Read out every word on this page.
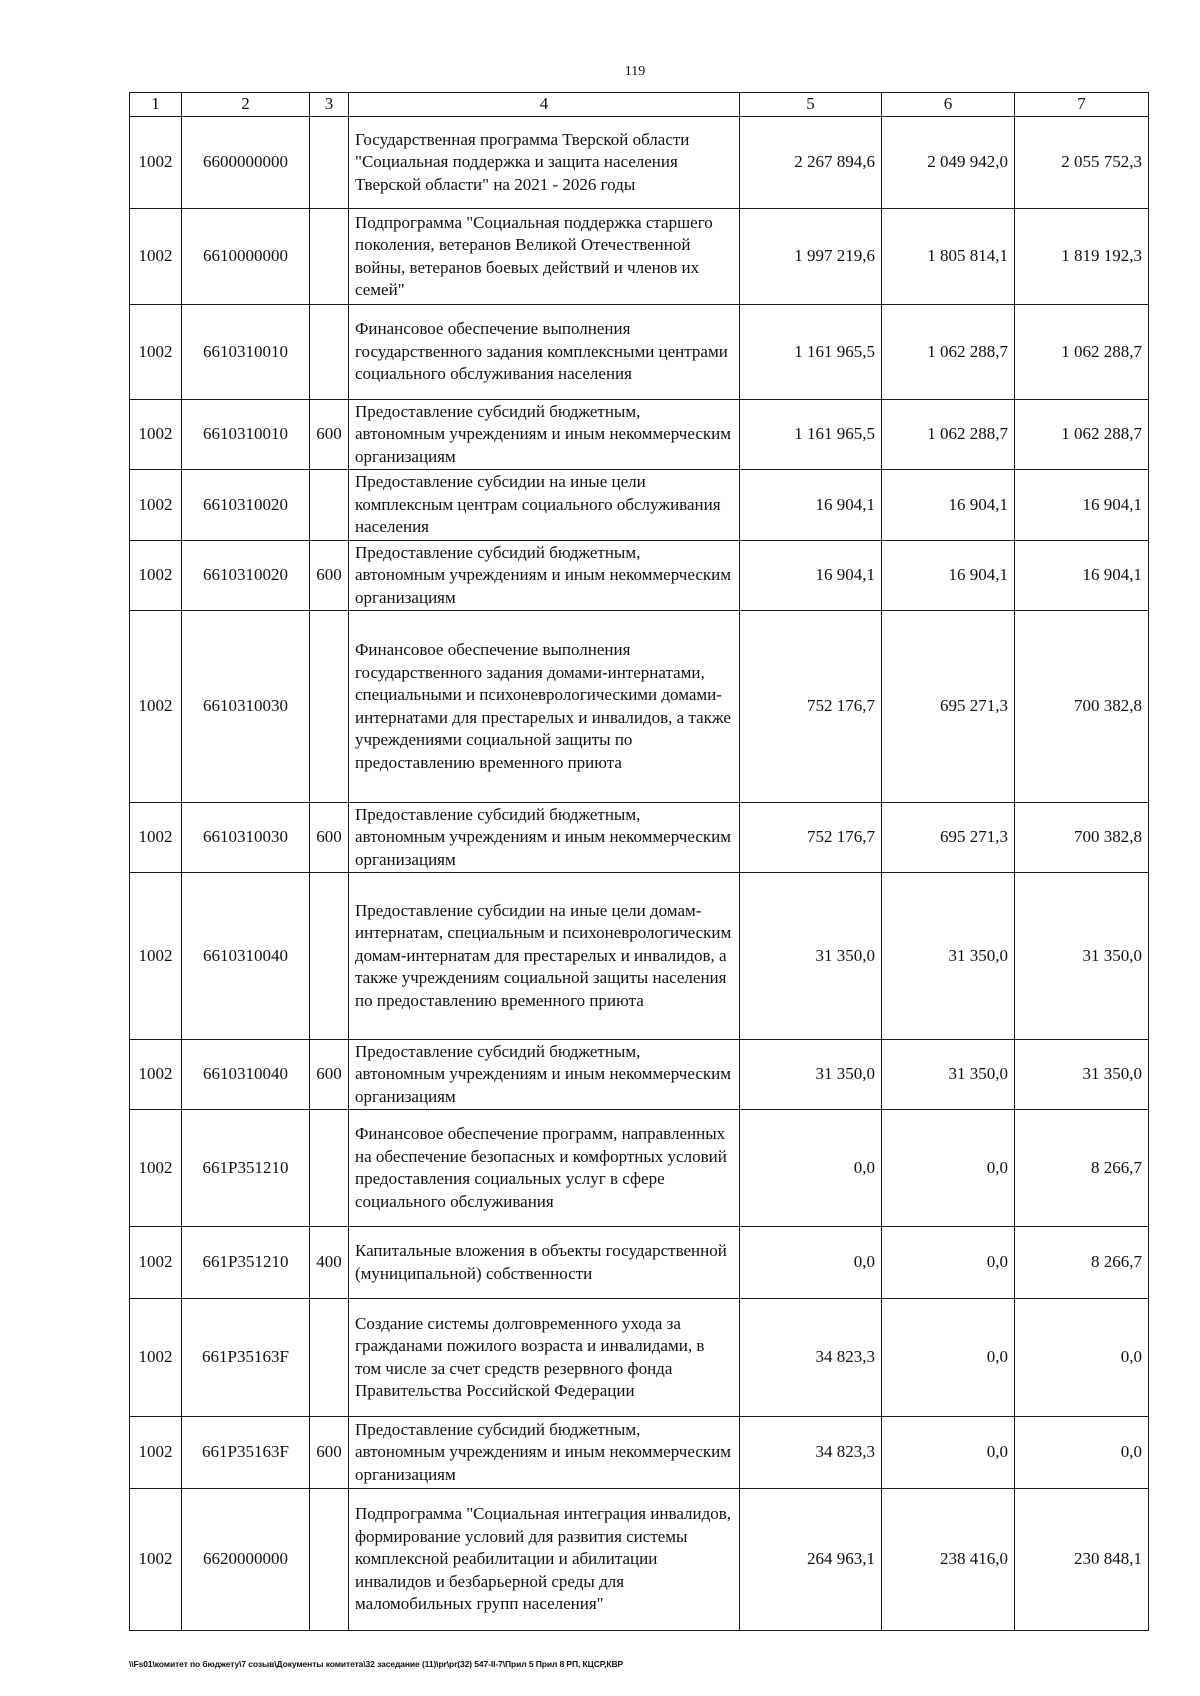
119
1	2	3	4	5	6	7
1002	6600000000		Государственная программа Тверской области "Социальная поддержка и защита населения Тверской области" на 2021 - 2026 годы	2 267 894,6	2 049 942,0	2 055 752,3
1002	6610000000		Подпрограмма "Социальная поддержка старшего поколения, ветеранов Великой Отечественной войны, ветеранов боевых действий и членов их семей"	1 997 219,6	1 805 814,1	1 819 192,3
1002	6610310010		Финансовое обеспечение выполнения государственного задания комплексными центрами социального обслуживания населения	1 161 965,5	1 062 288,7	1 062 288,7
1002	6610310010	600	Предоставление субсидий бюджетным, автономным учреждениям и иным некоммерческим организациям	1 161 965,5	1 062 288,7	1 062 288,7
1002	6610310020		Предоставление субсидии на иные цели комплексным центрам социального обслуживания населения	16 904,1	16 904,1	16 904,1
1002	6610310020	600	Предоставление субсидий бюджетным, автономным учреждениям и иным некоммерческим организациям	16 904,1	16 904,1	16 904,1
1002	6610310030		Финансовое обеспечение выполнения государственного задания домами-интернатами, специальными и психоневрологическими домами-интернатами для престарелых и инвалидов, а также учреждениями социальной защиты по предоставлению временного приюта	752 176,7	695 271,3	700 382,8
1002	6610310030	600	Предоставление субсидий бюджетным, автономным учреждениям и иным некоммерческим организациям	752 176,7	695 271,3	700 382,8
1002	6610310040		Предоставление субсидии на иные цели домам-интернатам, специальным и психоневрологическим домам-интернатам для престарелых и инвалидов, а также учреждениям социальной защиты населения по предоставлению временного приюта	31 350,0	31 350,0	31 350,0
1002	6610310040	600	Предоставление субсидий бюджетным, автономным учреждениям и иным некоммерческим организациям	31 350,0	31 350,0	31 350,0
1002	661P351210		Финансовое обеспечение программ, направленных на обеспечение безопасных и комфортных условий предоставления социальных услуг в сфере социального обслуживания	0,0	0,0	8 266,7
1002	661P351210	400	Капитальные вложения в объекты государственной (муниципальной) собственности	0,0	0,0	8 266,7
1002	661P35163F		Создание системы долговременного ухода за гражданами пожилого возраста и инвалидами, в том числе за счет средств резервного фонда Правительства Российской Федерации	34 823,3	0,0	0,0
1002	661P35163F	600	Предоставление субсидий бюджетным, автономным учреждениям и иным некоммерческим организациям	34 823,3	0,0	0,0
1002	6620000000		Подпрограмма "Социальная интеграция инвалидов, формирование условий для развития системы комплексной реабилитации и абилитации инвалидов и безбарьерной среды для маломобильных групп населения"	264 963,1	238 416,0	230 848,1
\\Fs01\комитет по бюджету\7 созыв\Документы комитета\32 заседание (11)\pr\pr(32) 547-II-7\Прил 5 Прил 8 РП, КЦСР,КВР
